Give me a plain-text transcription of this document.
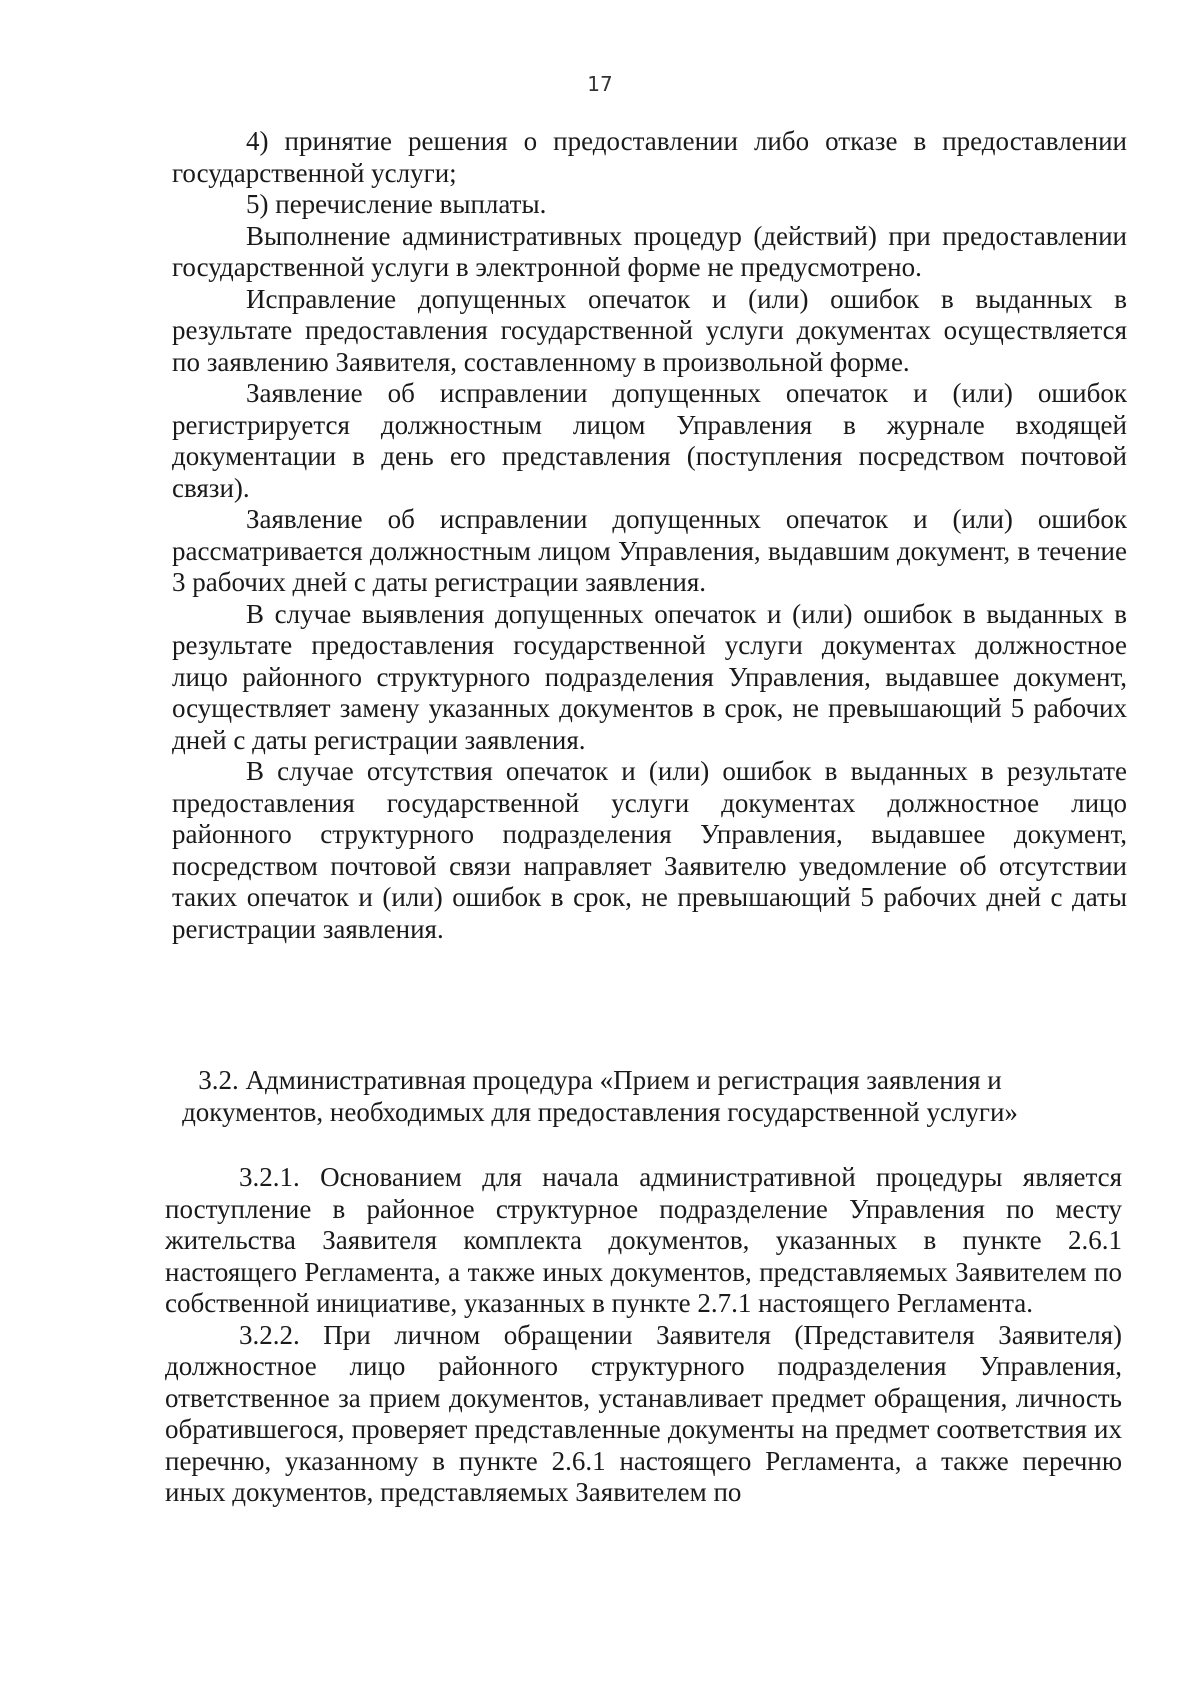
17

4) принятие решения о предоставлении либо отказе в предоставлении государственной услуги;

5) перечисление выплаты.

Выполнение административных процедур (действий) при предоставлении государственной услуги в электронной форме не предусмотрено.

Исправление допущенных опечаток и (или) ошибок в выданных в результате предоставления государственной услуги документах осуществляется по заявлению Заявителя, составленному в произвольной форме.

Заявление об исправлении допущенных опечаток и (или) ошибок регистрируется должностным лицом Управления в журнале входящей документации в день его представления (поступления посредством почтовой связи).

Заявление об исправлении допущенных опечаток и (или) ошибок рассматривается должностным лицом Управления, выдавшим документ, в течение 3 рабочих дней с даты регистрации заявления.

В случае выявления допущенных опечаток и (или) ошибок в выданных в результате предоставления государственной услуги документах должностное лицо районного структурного подразделения Управления, выдавшее документ, осуществляет замену указанных документов в срок, не превышающий 5 рабочих дней с даты регистрации заявления.

В случае отсутствия опечаток и (или) ошибок в выданных в результате предоставления государственной услуги документах должностное лицо районного структурного подразделения Управления, выдавшее документ, посредством почтовой связи направляет Заявителю уведомление об отсутствии таких опечаток и (или) ошибок в срок, не превышающий 5 рабочих дней с даты регистрации заявления.

3.2. Административная процедура «Прием и регистрация заявления и
документов, необходимых для предоставления государственной услуги»

3.2.1. Основанием для начала административной процедуры является поступление в районное структурное подразделение Управления по месту жительства Заявителя комплекта документов, указанных в пункте 2.6.1 настоящего Регламента, а также иных документов, представляемых Заявителем по собственной инициативе, указанных в пункте 2.7.1 настоящего Регламента.

3.2.2. При личном обращении Заявителя (Представителя Заявителя) должностное лицо районного структурного подразделения Управления, ответственное за прием документов, устанавливает предмет обращения, личность обратившегося, проверяет представленные документы на предмет соответствия их перечню, указанному в пункте 2.6.1 настоящего Регламента, а также перечню иных документов, представляемых Заявителем по
